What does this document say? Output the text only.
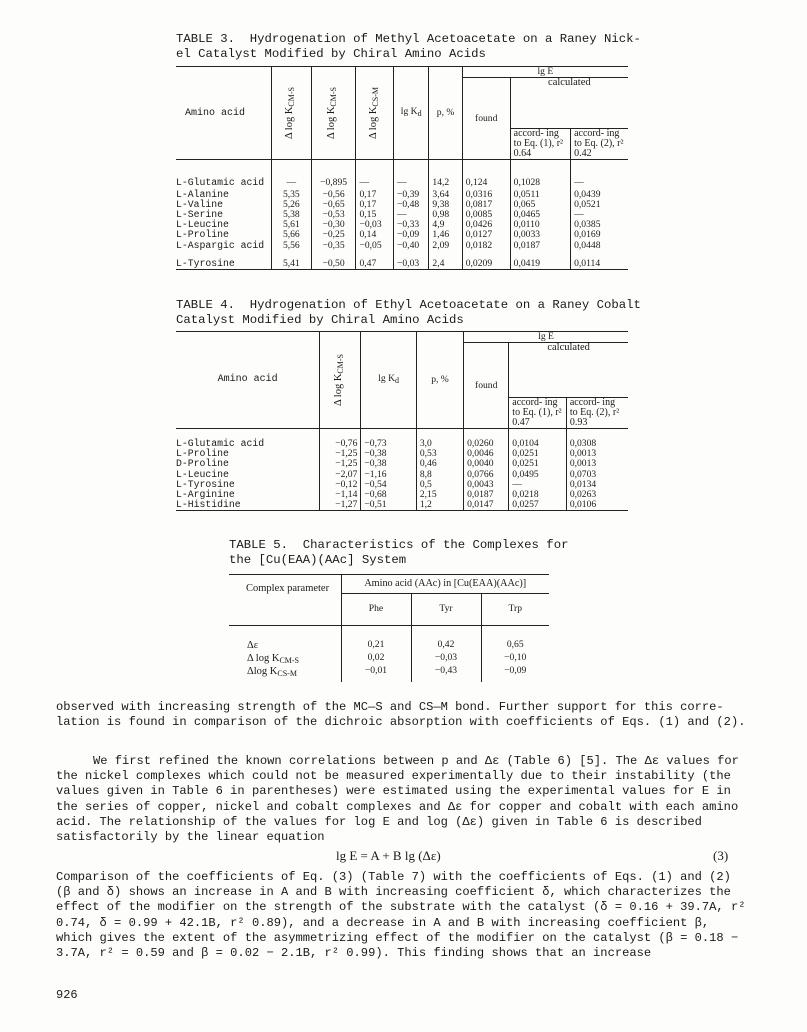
TABLE 3.  Hydrogenation of Methyl Acetoacetate on a Raney Nick-
el Catalyst Modified by Chiral Amino Acids
Amino acid	Δ $\log K_{CM-S}$	Δ $\log K_{CM-S}$	Δ $\log K_{CS-M}$	$\lg K_d$	p, %	lg E		
						found	calculated	
							accord- ing to Eq. (1), r² 0.64	accord- ing to Eq. (2), r² 0.42
L-Glutamic acid	—	−0,895	—	—	14,2	0,124	0,1028	—
L-Alanine	5,35	−0,56	0,17	−0,39	3,64	0,0316	0,0511	0,0439
L-Valine	5,26	−0,65	0,17	−0,48	9,38	0,0817	0,065	0,0521
L-Serine	5,38	−0,53	0,15	—	0,98	0,0085	0,0465	—
L-Leucine	5,61	−0,30	−0,03	−0,33	4,9	0,0426	0,0110	0,0385
L-Proline	5,66	−0,25	0,14	−0,09	1,46	0,0127	0,0033	0,0169
L-Aspargic acid	5,56	−0,35	−0,05	−0,40	2,09	0,0182	0,0187	0,0448
L-Tyrosine	5,41	−0,50	0,47	−0,03	2,4	0,0209	0,0419	0,0114
TABLE 4.  Hydrogenation of Ethyl Acetoacetate on a Raney Cobalt
Catalyst Modified by Chiral Amino Acids
Amino acid	Δ $\log K_{CM-S}$	$\lg K_d$	p, %	lg E		
				found	calculated	
					accord- ing to Eq. (1), r² 0.47	accord- ing to Eq. (2), r² 0.93
L-Glutamic acid	−0,76	−0,73	3,0	0,0260	0,0104	0,0308
L-Proline	−1,25	−0,38	0,53	0,0046	0,0251	0,0013
D-Proline	−1,25	−0,38	0,46	0,0040	0,0251	0,0013
L-Leucine	−2,07	−1,16	8,8	0,0766	0,0495	0,0703
L-Tyrosine	−0,12	−0,54	0,5	0,0043	—	0,0134
L-Arginine	−1,14	−0,68	2,15	0,0187	0,0218	0,0263
L-Histidine	−1,27	−0,51	1,2	0,0147	0,0257	0,0106
TABLE 5.  Characteristics of the Complexes for
the [Cu(EAA)(AAc] System
Complex parameter	Amino acid (AAc) in [Cu(EAA)(AAc)]		
	Phe	Tyr	Trp
Δε	0,21	0,42	0,65
Δ $\log K_{CM-S}$	0,02	−0,03	−0,10
Δlog $K_{CS-M}$	−0,01	−0,43	−0,09

observed with increasing strength of the MC—S and CS—M bond. Further support for this corre- lation is found in comparison of the dichroic absorption with coefficients of Eqs. (1) and (2).

We first refined the known correlations between p and Δε (Table 6) [5]. The Δε values for the nickel complexes which could not be measured experimentally due to their instability (the values given in Table 6 in parentheses) were estimated using the experimental values for E in the series of copper, nickel and cobalt complexes and Δε for copper and cobalt with each amino acid. The relationship of the values for log E and log (Δε) given in Table 6 is described satisfactorily by the linear equation

lg E = A + B lg (Δε)	(3)

Comparison of the coefficients of Eq. (3) (Table 7) with the coefficients of Eqs. (1) and (2) (β and δ) shows an increase in A and B with increasing coefficient δ, which characterizes the effect of the modifier on the strength of the substrate with the catalyst (δ = 0.16 + 39.7A, r² 0.74, δ = 0.99 + 42.1B, r² 0.89), and a decrease in A and B with increasing coefficient β, which gives the extent of the asymmetrizing effect of the modifier on the catalyst (β = 0.18 − 3.7A, r² = 0.59 and β = 0.02 − 2.1B, r² 0.99). This finding shows that an increase

926
